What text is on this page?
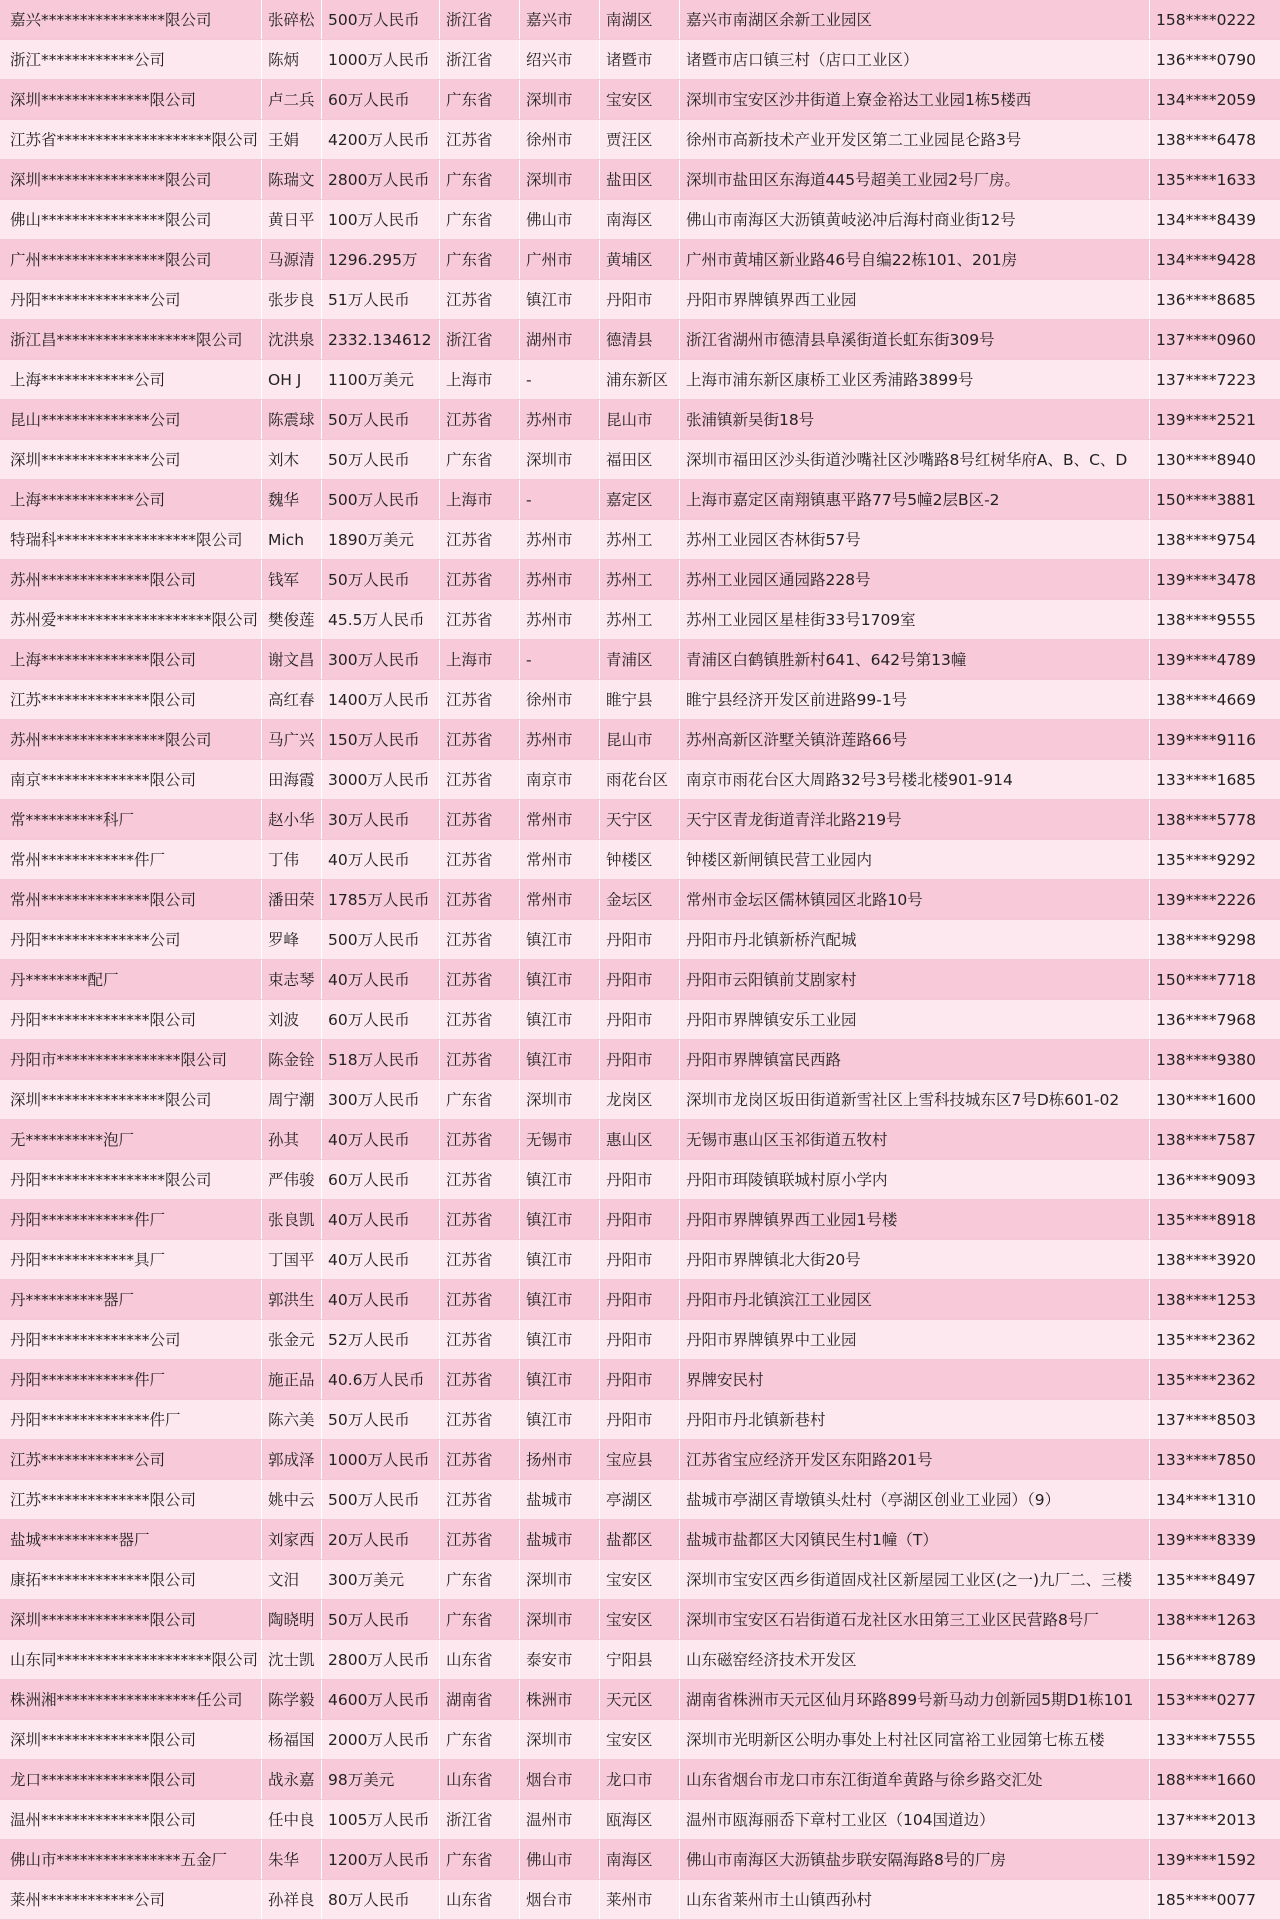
嘉兴****************限公司	张碎松 500万人民币	浙江省	嘉兴市	南湖区	嘉兴市南湖区余新工业园区	158****0222
浙江************公司	陈炳	1000万人民币	浙江省	绍兴市	诸暨市	诸暨市店口镇三村（店口工业区）	136****0790
深圳**************限公司	卢二兵 60万人民币	广东省	深圳市	宝安区	深圳市宝安区沙井街道上寮金裕达工业园1栋5楼西	134****2059
江苏省********************限公司 王娟	4200万人民币	江苏省	徐州市	贾汪区	徐州市高新技术产业开发区第二工业园昆仑路3号	138****6478
深圳****************限公司	陈瑞文 2800万人民币	广东省	深圳市	盐田区	深圳市盐田区东海道445号超美工业园2号厂房。	135****1633
佛山****************限公司	黄日平 100万人民币	广东省	佛山市	南海区	佛山市南海区大沥镇黄岐泌冲后海村商业街12号	134****8439
广州****************限公司	马源清 1296.295万	广东省	广州市	黄埔区	广州市黄埔区新业路46号自编22栋101、201房	134****9428
丹阳**************公司	张步良 51万人民币	江苏省	镇江市	丹阳市	丹阳市界牌镇界西工业园	136****8685
浙江昌******************限公司	沈洪泉 2332.134612 浙江省	湖州市	德清县	浙江省湖州市德清县阜溪街道长虹东街309号	137****0960
上海************公司	OH J	1100万美元	上海市	-	浦东新区	上海市浦东新区康桥工业区秀浦路3899号	137****7223
昆山**************公司	陈震球 50万人民币	江苏省	苏州市	昆山市	张浦镇新吴街18号	139****2521
深圳**************公司	刘木	50万人民币	广东省	深圳市	福田区	深圳市福田区沙头街道沙嘴社区沙嘴路8号红树华府A、B、C、D	130****8940
上海************公司	魏华	500万人民币	上海市	-	嘉定区	上海市嘉定区南翔镇惠平路77号5幢2层B区-2	150****3881
特瑞科******************限公司	Mich	1890万美元	江苏省	苏州市	苏州工	苏州工业园区杏林街57号	138****9754
苏州**************限公司	钱军	50万人民币	江苏省	苏州市	苏州工	苏州工业园区通园路228号	139****3478
苏州爱********************限公司 樊俊莲 45.5万人民币	江苏省	苏州市	苏州工	苏州工业园区星桂街33号1709室	138****9555
上海**************限公司	谢文昌 300万人民币	上海市	-	青浦区	青浦区白鹤镇胜新村641、642号第13幢	139****4789
江苏**************限公司	高红春 1400万人民币	江苏省	徐州市	睢宁县	睢宁县经济开发区前进路99-1号	138****4669
苏州****************限公司	马广兴 150万人民币	江苏省	苏州市	昆山市	苏州高新区浒墅关镇浒莲路66号	139****9116
南京**************限公司	田海霞 3000万人民币	江苏省	南京市	雨花台区	南京市雨花台区大周路32号3号楼北楼901-914	133****1685
常**********科厂	赵小华 30万人民币	江苏省	常州市	天宁区	天宁区青龙街道青洋北路219号	138****5778
常州************件厂	丁伟	40万人民币	江苏省	常州市	钟楼区	钟楼区新闸镇民营工业园内	135****9292
常州**************限公司	潘田荣 1785万人民币	江苏省	常州市	金坛区	常州市金坛区儒林镇园区北路10号	139****2226
丹阳**************公司	罗峰	500万人民币	江苏省	镇江市	丹阳市	丹阳市丹北镇新桥汽配城	138****9298
丹********配厂	束志琴 40万人民币	江苏省	镇江市	丹阳市	丹阳市云阳镇前艾剧家村	150****7718
丹阳**************限公司	刘波	60万人民币	江苏省	镇江市	丹阳市	丹阳市界牌镇安乐工业园	136****7968
丹阳市****************限公司	陈金铨 518万人民币	江苏省	镇江市	丹阳市	丹阳市界牌镇富民西路	138****9380
深圳****************限公司	周宁潮 300万人民币	广东省	深圳市	龙岗区	深圳市龙岗区坂田街道新雪社区上雪科技城东区7号D栋601-02	130****1600
无**********泡厂	孙其	40万人民币	江苏省	无锡市	惠山区	无锡市惠山区玉祁街道五牧村	138****7587
丹阳****************限公司	严伟骏 60万人民币	江苏省	镇江市	丹阳市	丹阳市珥陵镇联城村原小学内	136****9093
丹阳************件厂	张良凯 40万人民币	江苏省	镇江市	丹阳市	丹阳市界牌镇界西工业园1号楼	135****8918
丹阳************具厂	丁国平 40万人民币	江苏省	镇江市	丹阳市	丹阳市界牌镇北大街20号	138****3920
丹**********器厂	郭洪生 40万人民币	江苏省	镇江市	丹阳市	丹阳市丹北镇滨江工业园区	138****1253
丹阳**************公司	张金元 52万人民币	江苏省	镇江市	丹阳市	丹阳市界牌镇界中工业园	135****2362
丹阳************件厂	施正品 40.6万人民币	江苏省	镇江市	丹阳市	界牌安民村	135****2362
丹阳**************件厂	陈六美 50万人民币	江苏省	镇江市	丹阳市	丹阳市丹北镇新巷村	137****8503
江苏************公司	郭成泽 1000万人民币	江苏省	扬州市	宝应县	江苏省宝应经济开发区东阳路201号	133****7850
江苏**************限公司	姚中云 500万人民币	江苏省	盐城市	亭湖区	盐城市亭湖区青墩镇头灶村（亭湖区创业工业园）（9）	134****1310
盐城**********器厂	刘家西 20万人民币	江苏省	盐城市	盐都区	盐城市盐都区大冈镇民生村1幢（T）	139****8339
康拓**************限公司	文汨	300万美元	广东省	深圳市	宝安区	深圳市宝安区西乡街道固戍社区新屋园工业区(之一)九厂二、三楼	135****8497
深圳**************限公司	陶晓明 50万人民币	广东省	深圳市	宝安区	深圳市宝安区石岩街道石龙社区水田第三工业区民营路8号厂	138****1263
山东同********************限公司 沈士凯 2800万人民币	山东省	泰安市	宁阳县	山东磁窑经济技术开发区	156****8789
株洲湘******************任公司	陈学毅 4600万人民币	湖南省	株洲市	天元区	湖南省株洲市天元区仙月环路899号新马动力创新园5期D1栋101	153****0277
深圳**************限公司	杨福国 2000万人民币	广东省	深圳市	宝安区	深圳市光明新区公明办事处上村社区同富裕工业园第七栋五楼	133****7555
龙口**************限公司	战永嘉 98万美元	山东省	烟台市	龙口市	山东省烟台市龙口市东江街道牟黄路与徐乡路交汇处	188****1660
温州**************限公司	任中良 1005万人民币	浙江省	温州市	瓯海区	温州市瓯海丽岙下章村工业区（104国道边）	137****2013
佛山市****************五金厂	朱华	1200万人民币	广东省	佛山市	南海区	佛山市南海区大沥镇盐步联安隔海路8号的厂房	139****1592
莱州************公司	孙祥良 80万人民币	山东省	烟台市	莱州市	山东省莱州市土山镇西孙村	185****0077
